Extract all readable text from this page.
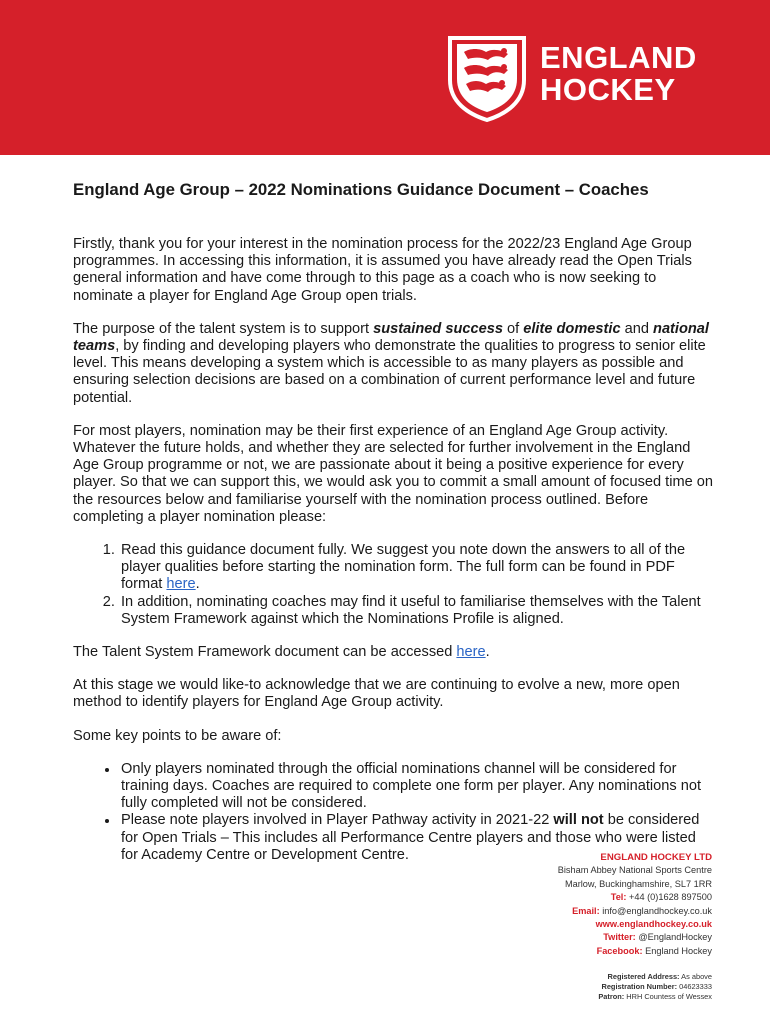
ENGLAND
HOCKEY
England Age Group – 2022 Nominations Guidance Document – Coaches

Firstly, thank you for your interest in the nomination process for the 2022/23 England Age Group programmes. In accessing this information, it is assumed you have already read the Open Trials general information and have come through to this page as a coach who is now seeking to nominate a player for England Age Group open trials.

The purpose of the talent system is to support sustained success of elite domestic and national teams, by finding and developing players who demonstrate the qualities to progress to senior elite level. This means developing a system which is accessible to as many players as possible and ensuring selection decisions are based on a combination of current performance level and future potential.

For most players, nomination may be their first experience of an England Age Group activity. Whatever the future holds, and whether they are selected for further involvement in the England Age Group programme or not, we are passionate about it being a positive experience for every player. So that we can support this, we would ask you to commit a small amount of focused time on the resources below and familiarise yourself with the nomination process outlined. Before completing a player nomination please:

1. Read this guidance document fully. We suggest you note down the answers to all of the player qualities before starting the nomination form. The full form can be found in PDF format here.
2. In addition, nominating coaches may find it useful to familiarise themselves with the Talent System Framework against which the Nominations Profile is aligned.

The Talent System Framework document can be accessed here.

At this stage we would like-to acknowledge that we are continuing to evolve a new, more open method to identify players for England Age Group activity.

Some key points to be aware of:

• Only players nominated through the official nominations channel will be considered for training days. Coaches are required to complete one form per player. Any nominations not fully completed will not be considered.
• Please note players involved in Player Pathway activity in 2021-22 will not be considered for Open Trials – This includes all Performance Centre players and those who were listed for Academy Centre or Development Centre.	ENGLAND HOCKEY LTD
Bisham Abbey National Sports Centre
Marlow, Buckinghamshire, SL7 1RR
Tel: +44 (0)1628 897500
Email: info@englandhockey.co.uk
www.englandhockey.co.uk
Twitter: @EnglandHockey
Facebook: England Hockey
Registered Address: As above
Registration Number: 04623333
Patron: HRH Countess of Wessex
